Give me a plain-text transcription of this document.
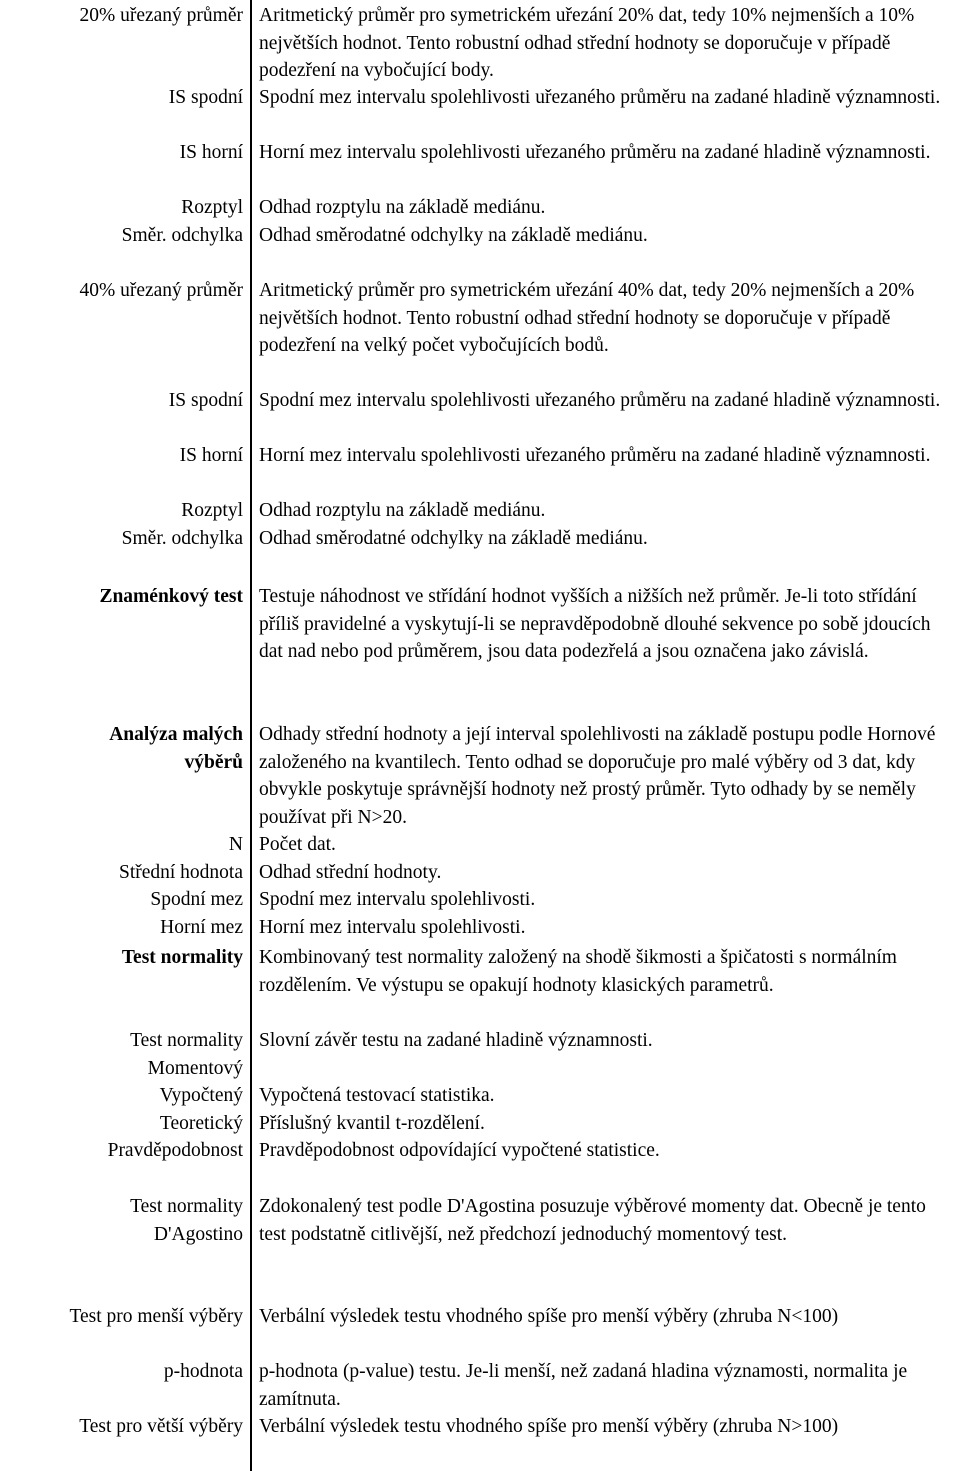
20% uřezaný průměr Aritmetický průměr pro symetrickém uřezání 20% dat, tedy 10% nejmenších a 10% největších hodnot. Tento robustní odhad střední hodnoty se doporučuje v případě podezření na vybočující body.
IS spodní Spodní mez intervalu spolehlivosti uřezaného průměru na zadané hladině významnosti.
IS horní Horní mez intervalu spolehlivosti uřezaného průměru na zadané hladině významnosti.
Rozptyl Odhad rozptylu na základě mediánu.
Směr. odchylka Odhad směrodatné odchylky na základě mediánu.
40% uřezaný průměr Aritmetický průměr pro symetrickém uřezání 40% dat, tedy 20% nejmenších a 20% největších hodnot. Tento robustní odhad střední hodnoty se doporučuje v případě podezření na velký počet vybočujících bodů.
IS spodní Spodní mez intervalu spolehlivosti uřezaného průměru na zadané hladině významnosti.
IS horní Horní mez intervalu spolehlivosti uřezaného průměru na zadané hladině významnosti.
Rozptyl Odhad rozptylu na základě mediánu.
Směr. odchylka Odhad směrodatné odchylky na základě mediánu.
Znaménkový test Testuje náhodnost ve střídání hodnot vyšších a nižších než průměr. Je-li toto střídání příliš pravidelné a vyskytují-li se nepravděpodobně dlouhé sekvence po sobě jdoucích dat nad nebo pod průměrem, jsou data podezřelá a jsou označena jako závislá.
Analýza malých
výběrů
Odhady střední hodnoty a její interval spolehlivosti na základě postupu podle Hornové založeného na kvantilech. Tento odhad se doporučuje pro malé výběry od 3 dat, kdy obvykle poskytuje správnější hodnoty než prostý průměr. Tyto odhady by se neměly používat při N>20.
N Počet dat.
Střední hodnota Odhad střední hodnoty.
Spodní mez Spodní mez intervalu spolehlivosti.
Horní mez Horní mez intervalu spolehlivosti.
Test normality Kombinovaný test normality založený na shodě šikmosti a špičatosti s normálním rozdělením. Ve výstupu se opakují hodnoty klasických parametrů.
Test normality Slovní závěr testu na zadané hladině významnosti.
Momentový
Vypočtený Vypočtená testovací statistika.
Teoretický Příslušný kvantil t-rozdělení.
Pravděpodobnost Pravděpodobnost odpovídající vypočtené statistice.
Test normality
D'Agostino
Zdokonalený test podle D'Agostina posuzuje výběrové momenty dat. Obecně je tento test podstatně citlivější, než předchozí jednoduchý momentový test.
Test pro menší výběry Verbální výsledek testu vhodného spíše pro menší výběry (zhruba N<100)
p-hodnota p-hodnota (p-value) testu. Je-li menší, než zadaná hladina významosti, normalita je zamítnuta.
Test pro větší výběry Verbální výsledek testu vhodného spíše pro menší výběry (zhruba N>100)
